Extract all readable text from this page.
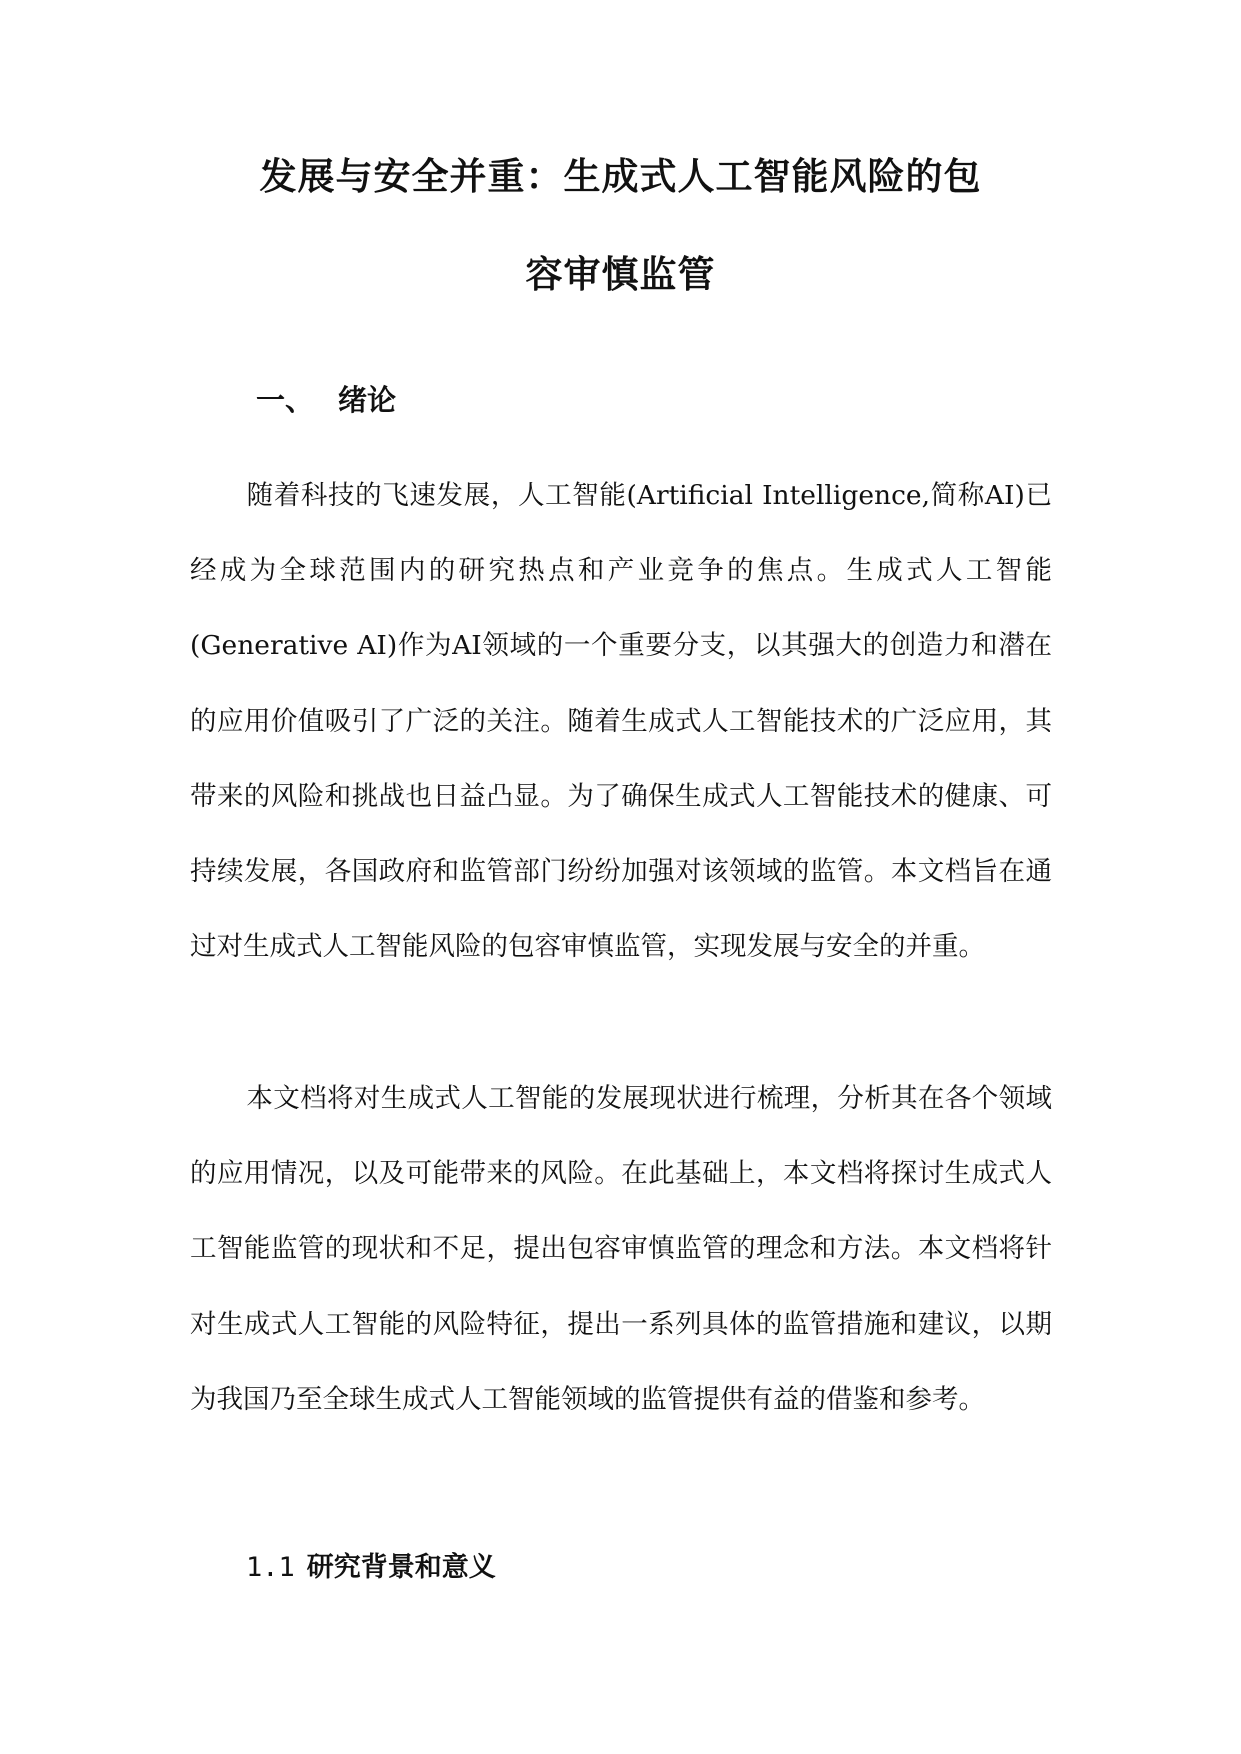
发展与安全并重：生成式人工智能风险的包
容审慎监管
一、 绪论

随着科技的飞速发展，人工智能(Artificial Intelligence,简称AI)已经成为全球范围内的研究热点和产业竞争的焦点。生成式人工智能(Generative AI)作为AI领域的一个重要分支，以其强大的创造力和潜在的应用价值吸引了广泛的关注。随着生成式人工智能技术的广泛应用，其带来的风险和挑战也日益凸显。为了确保生成式人工智能技术的健康、可持续发展，各国政府和监管部门纷纷加强对该领域的监管。本文档旨在通过对生成式人工智能风险的包容审慎监管，实现发展与安全的并重。

本文档将对生成式人工智能的发展现状进行梳理，分析其在各个领域的应用情况，以及可能带来的风险。在此基础上，本文档将探讨生成式人工智能监管的现状和不足，提出包容审慎监管的理念和方法。本文档将针对生成式人工智能的风险特征，提出一系列具体的监管措施和建议，以期为我国乃至全球生成式人工智能领域的监管提供有益的借鉴和参考。

1.1 研究背景和意义
